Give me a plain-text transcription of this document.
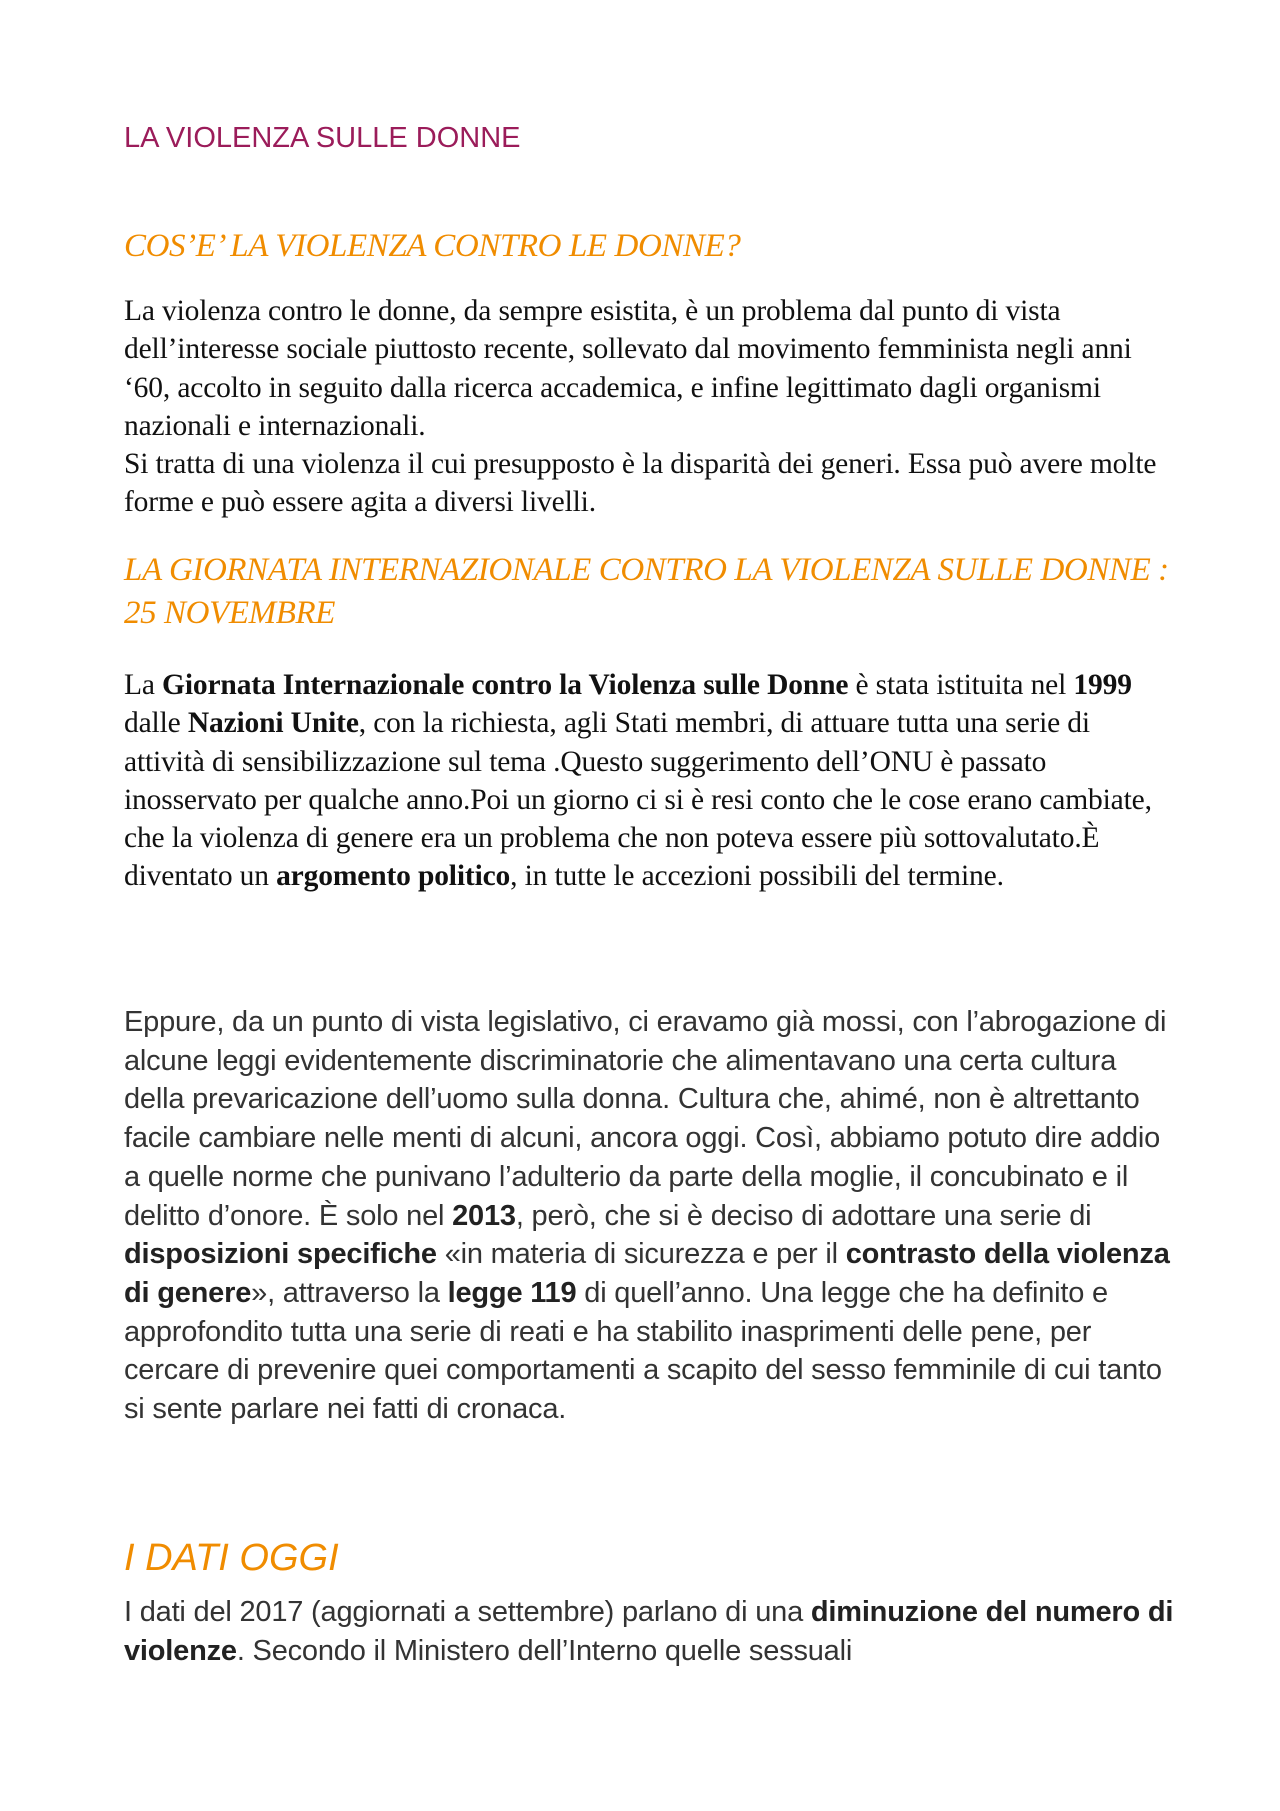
LA VIOLENZA SULLE DONNE
COS’E’ LA VIOLENZA CONTRO LE DONNE?

La violenza contro le donne, da sempre esistita, è un problema dal punto di vista dell’interesse sociale piuttosto recente, sollevato dal movimento femminista negli anni ‘60, accolto in seguito dalla ricerca accademica, e infine legittimato dagli organismi nazionali e internazionali.
Si tratta di una violenza il cui presupposto è la disparità dei generi. Essa può avere molte forme e può essere agita a diversi livelli.

LA GIORNATA INTERNAZIONALE CONTRO LA VIOLENZA SULLE DONNE : 25 NOVEMBRE

La Giornata Internazionale contro la Violenza sulle Donne è stata istituita nel 1999 dalle Nazioni Unite, con la richiesta, agli Stati membri, di attuare tutta una serie di attività di sensibilizzazione sul tema .Questo suggerimento dell’ONU è passato inosservato per qualche anno.Poi un giorno ci si è resi conto che le cose erano cambiate, che la violenza di genere era un problema che non poteva essere più sottovalutato.È diventato un argomento politico, in tutte le accezioni possibili del termine.

Eppure, da un punto di vista legislativo, ci eravamo già mossi, con l’abrogazione di alcune leggi evidentemente discriminatorie che alimentavano una certa cultura della prevaricazione dell’uomo sulla donna. Cultura che, ahimé, non è altrettanto facile cambiare nelle menti di alcuni, ancora oggi. Così, abbiamo potuto dire addio a quelle norme che punivano l’adulterio da parte della moglie, il concubinato e il delitto d’onore. È solo nel 2013, però, che si è deciso di adottare una serie di disposizioni specifiche «in materia di sicurezza e per il contrasto della violenza di genere», attraverso la legge 119 di quell’anno. Una legge che ha definito e approfondito tutta una serie di reati e ha stabilito inasprimenti delle pene, per cercare di prevenire quei comportamenti a scapito del sesso femminile di cui tanto si sente parlare nei fatti di cronaca.

I DATI OGGI

I dati del 2017 (aggiornati a settembre) parlano di una diminuzione del numero di violenze. Secondo il Ministero dell’Interno quelle sessuali
